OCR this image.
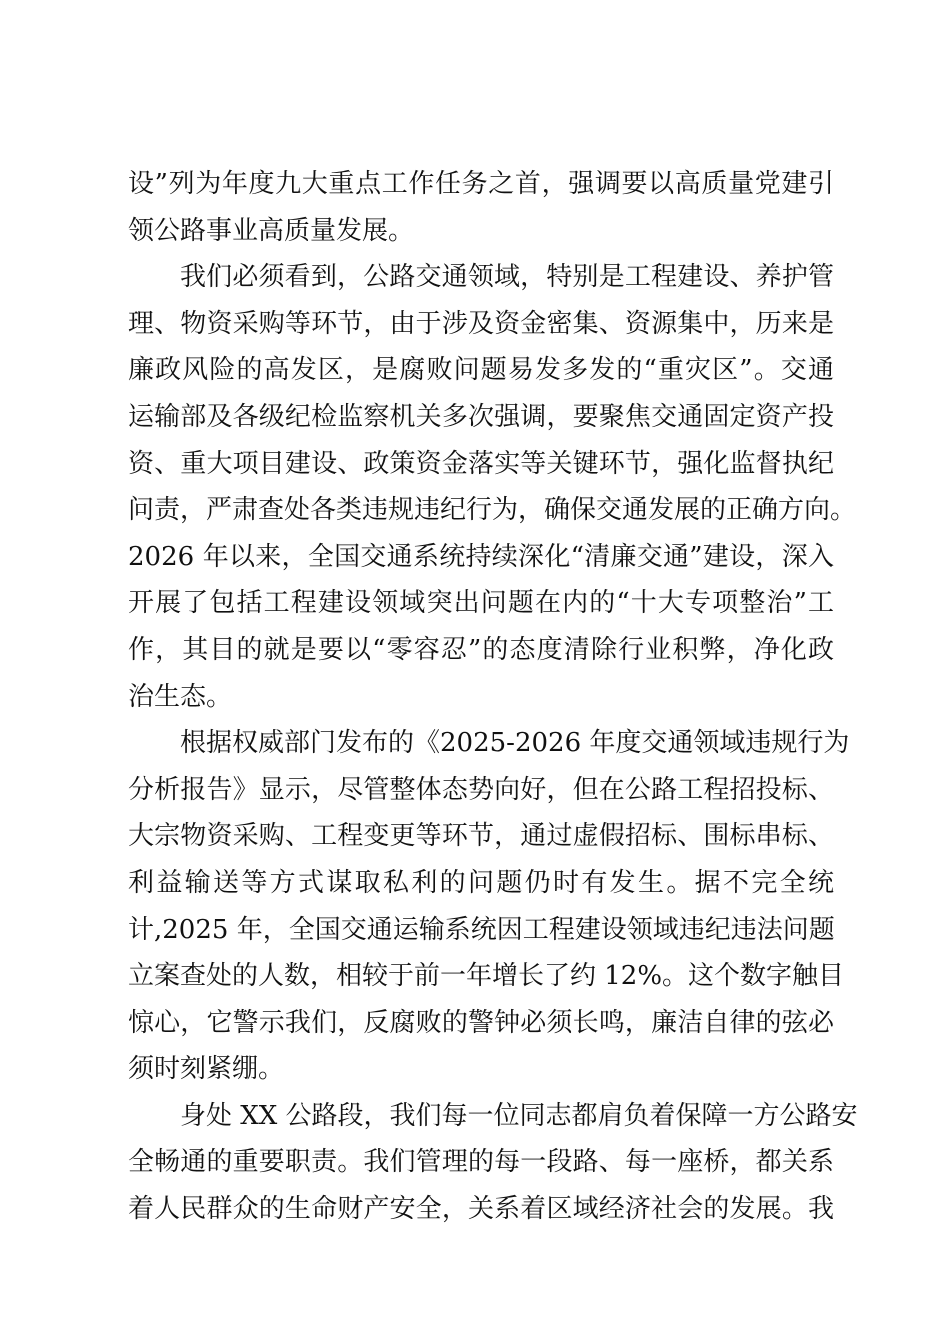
设”列为年度九大重点工作任务之首，强调要以高质量党建引
领公路事业高质量发展。
我们必须看到，公路交通领域，特别是工程建设、养护管
理、物资采购等环节，由于涉及资金密集、资源集中，历来是
廉政风险的高发区，是腐败问题易发多发的“重灾区”。交通
运输部及各级纪检监察机关多次强调，要聚焦交通固定资产投
资、重大项目建设、政策资金落实等关键环节，强化监督执纪
问责，严肃查处各类违规违纪行为，确保交通发展的正确方向。
2026 年以来，全国交通系统持续深化“清廉交通”建设，深入
开展了包括工程建设领域突出问题在内的“十大专项整治”工
作，其目的就是要以“零容忍”的态度清除行业积弊，净化政
治生态。
根据权威部门发布的《2025-2026 年度交通领域违规行为
分析报告》显示，尽管整体态势向好，但在公路工程招投标、
大宗物资采购、工程变更等环节，通过虚假招标、围标串标、
利益输送等方式谋取私利的问题仍时有发生。据不完全统
计,2025 年，全国交通运输系统因工程建设领域违纪违法问题
立案查处的人数，相较于前一年增长了约 12%。这个数字触目
惊心，它警示我们，反腐败的警钟必须长鸣，廉洁自律的弦必
须时刻紧绷。
身处 XX 公路段，我们每一位同志都肩负着保障一方公路安
全畅通的重要职责。我们管理的每一段路、每一座桥，都关系
着人民群众的生命财产安全，关系着区域经济社会的发展。我
